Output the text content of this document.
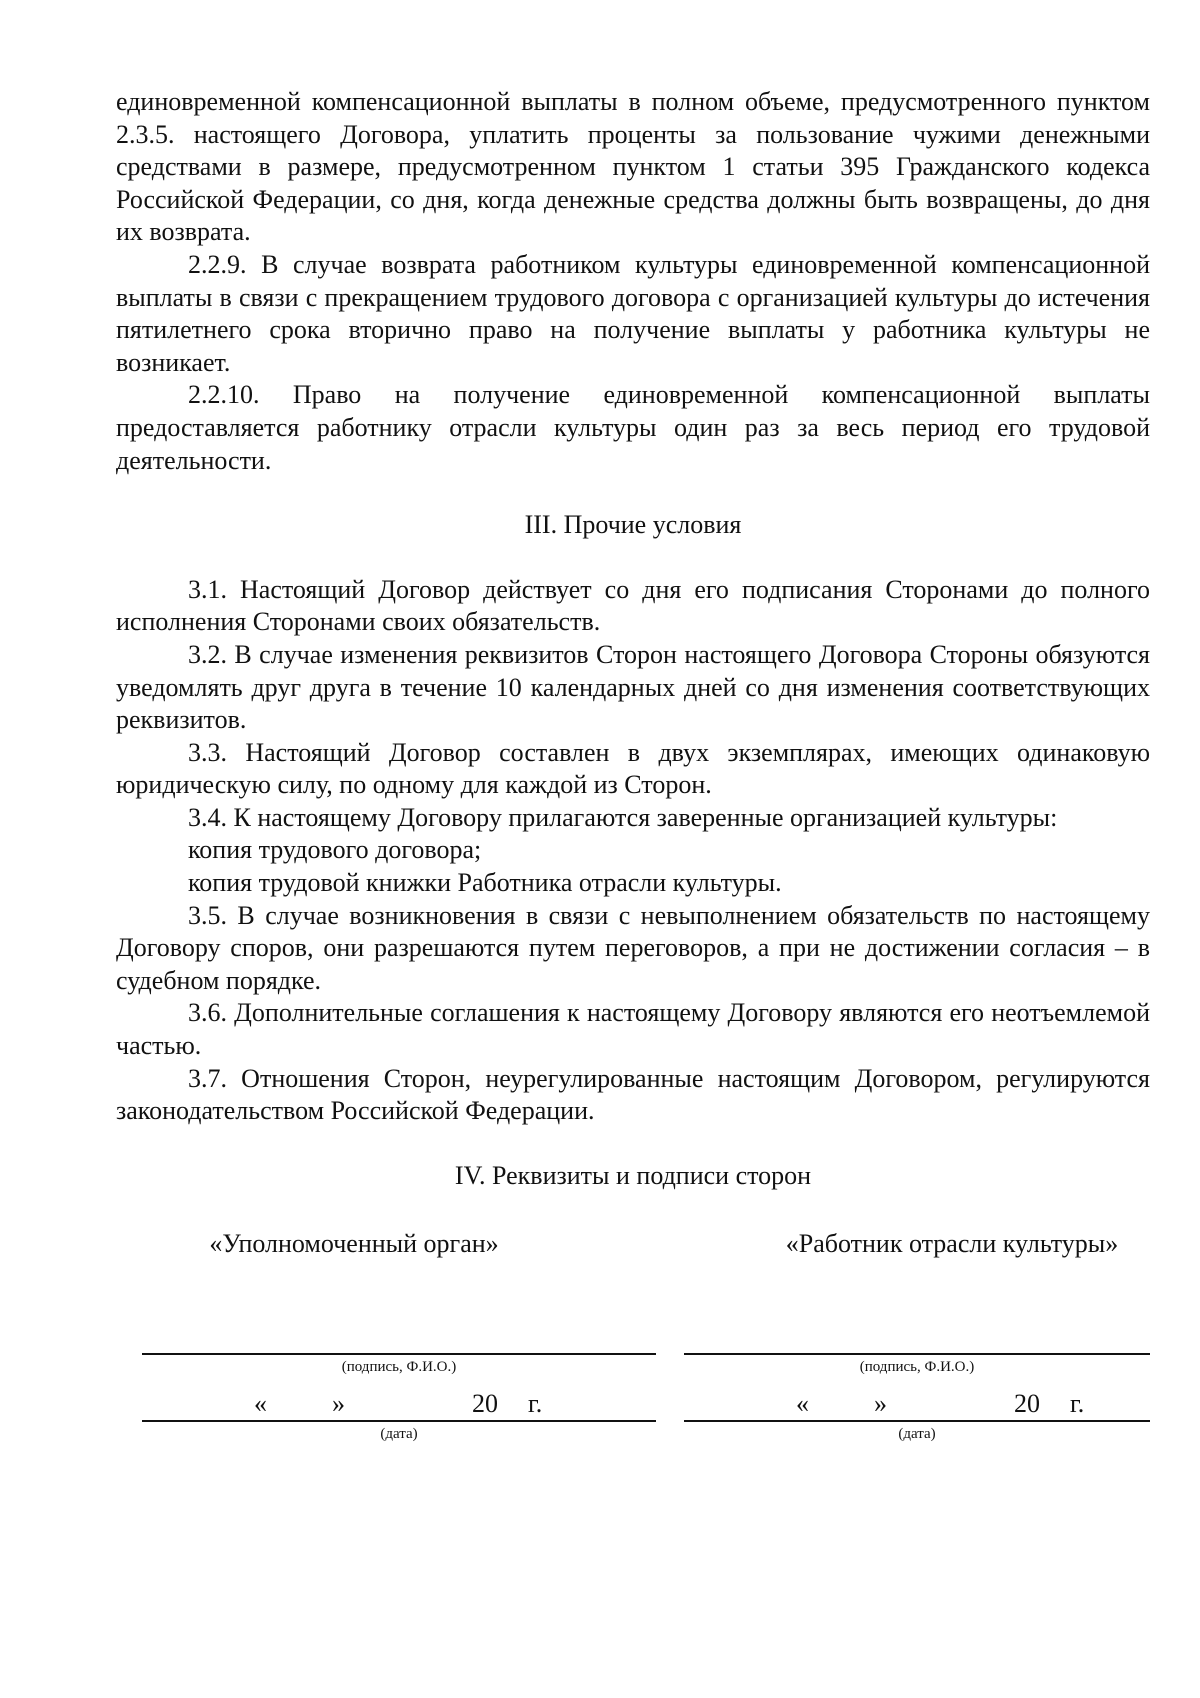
единовременной компенсационной выплаты в полном объеме, предусмотренного пунктом 2.3.5. настоящего Договора, уплатить проценты за пользование чужими денежными средствами в размере, предусмотренном пунктом 1 статьи 395 Гражданского кодекса Российской Федерации, со дня, когда денежные средства должны быть возвращены, до дня их возврата.

2.2.9. В случае возврата работником культуры единовременной компенсационной выплаты в связи с прекращением трудового договора с организацией культуры до истечения пятилетнего срока вторично право на получение выплаты у работника культуры не возникает.

2.2.10. Право на получение единовременной компенсационной выплаты предоставляется работнику отрасли культуры один раз за весь период его трудовой деятельности.

III. Прочие условия

3.1. Настоящий Договор действует со дня его подписания Сторонами до полного исполнения Сторонами своих обязательств.

3.2. В случае изменения реквизитов Сторон настоящего Договора Стороны обязуются уведомлять друг друга в течение 10 календарных дней со дня изменения соответствующих реквизитов.

3.3. Настоящий Договор составлен в двух экземплярах, имеющих одинаковую юридическую силу, по одному для каждой из Сторон.

3.4. К настоящему Договору прилагаются заверенные организацией культуры:

копия трудового договора;

копия трудовой книжки Работника отрасли культуры.

3.5. В случае возникновения в связи с невыполнением обязательств по настоящему Договору споров, они разрешаются путем переговоров, а при не достижении согласия – в судебном порядке.

3.6. Дополнительные соглашения к настоящему Договору являются его неотъемлемой частью.

3.7. Отношения Сторон, неурегулированные настоящим Договором, регулируются законодательством Российской Федерации.

IV. Реквизиты и подписи сторон
«Уполномоченный орган»
(подпись, Ф.И.О.)
«	»	20 г.
(дата)
«Работник отрасли культуры»
(подпись, Ф.И.О.)
«	»	20 г.
(дата)
